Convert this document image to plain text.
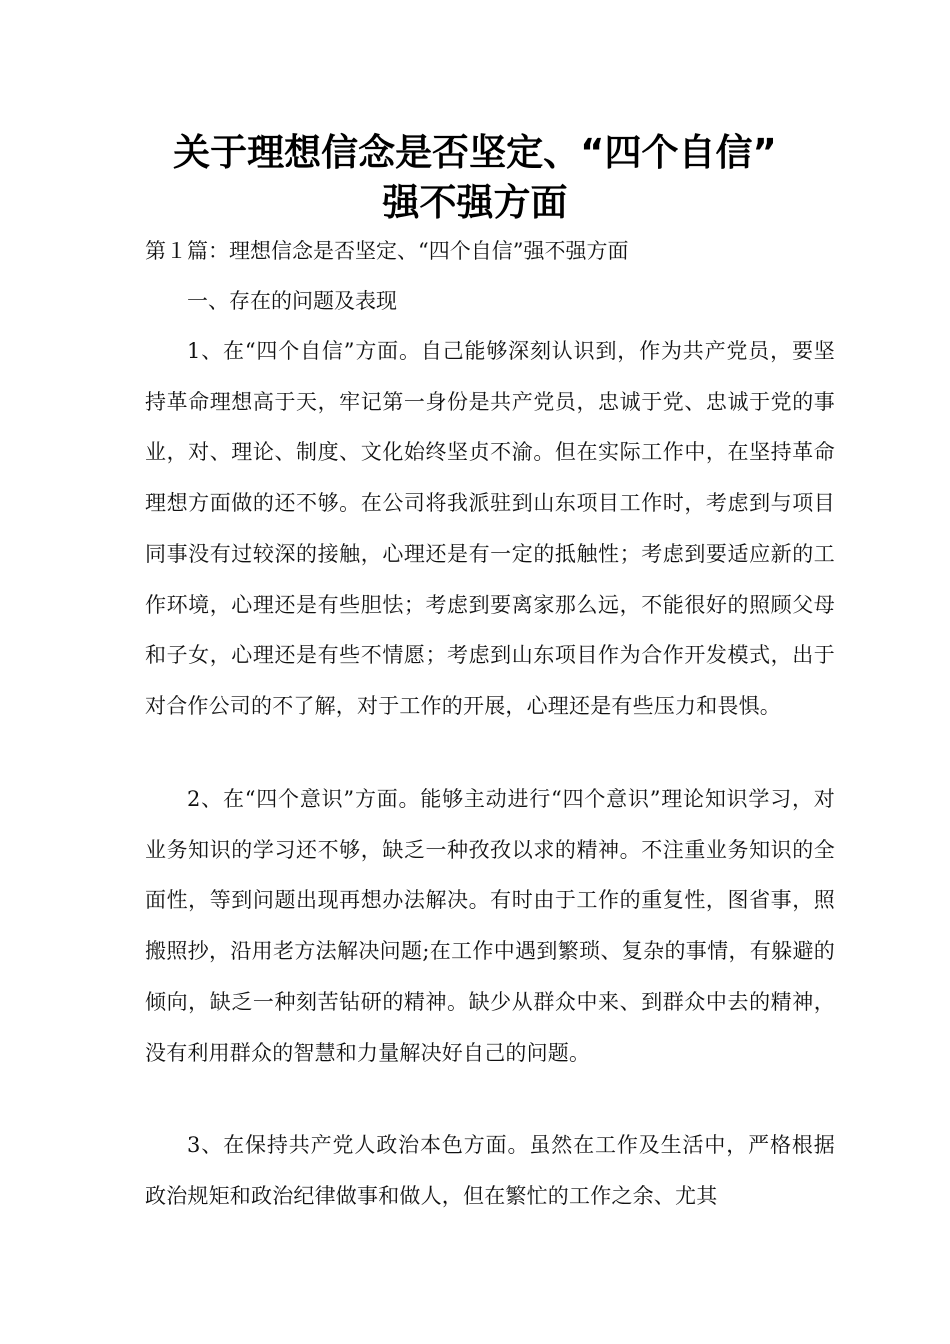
关于理想信念是否坚定、“四个自信”
强不强方面

第１篇：理想信念是否坚定、“四个自信”强不强方面

一、存在的问题及表现

1、在“四个自信”方面。自己能够深刻认识到，作为共产党员，要坚持革命理想高于天，牢记第一身份是共产党员，忠诚于党、忠诚于党的事业，对、理论、制度、文化始终坚贞不渝。但在实际工作中，在坚持革命理想方面做的还不够。在公司将我派驻到山东项目工作时，考虑到与项目同事没有过较深的接触，心理还是有一定的抵触性；考虑到要适应新的工作环境，心理还是有些胆怯；考虑到要离家那么远，不能很好的照顾父母和子女，心理还是有些不情愿；考虑到山东项目作为合作开发模式，出于对合作公司的不了解，对于工作的开展，心理还是有些压力和畏惧。

2、在“四个意识”方面。能够主动进行“四个意识”理论知识学习，对业务知识的学习还不够，缺乏一种孜孜以求的精神。不注重业务知识的全面性，等到问题出现再想办法解决。有时由于工作的重复性，图省事，照搬照抄，沿用老方法解决问题;在工作中遇到繁琐、复杂的事情，有躲避的倾向，缺乏一种刻苦钻研的精神。缺少从群众中来、到群众中去的精神，没有利用群众的智慧和力量解决好自己的问题。

3、在保持共产党人政治本色方面。虽然在工作及生活中，严格根据政治规矩和政治纪律做事和做人，但在繁忙的工作之余、尤其
